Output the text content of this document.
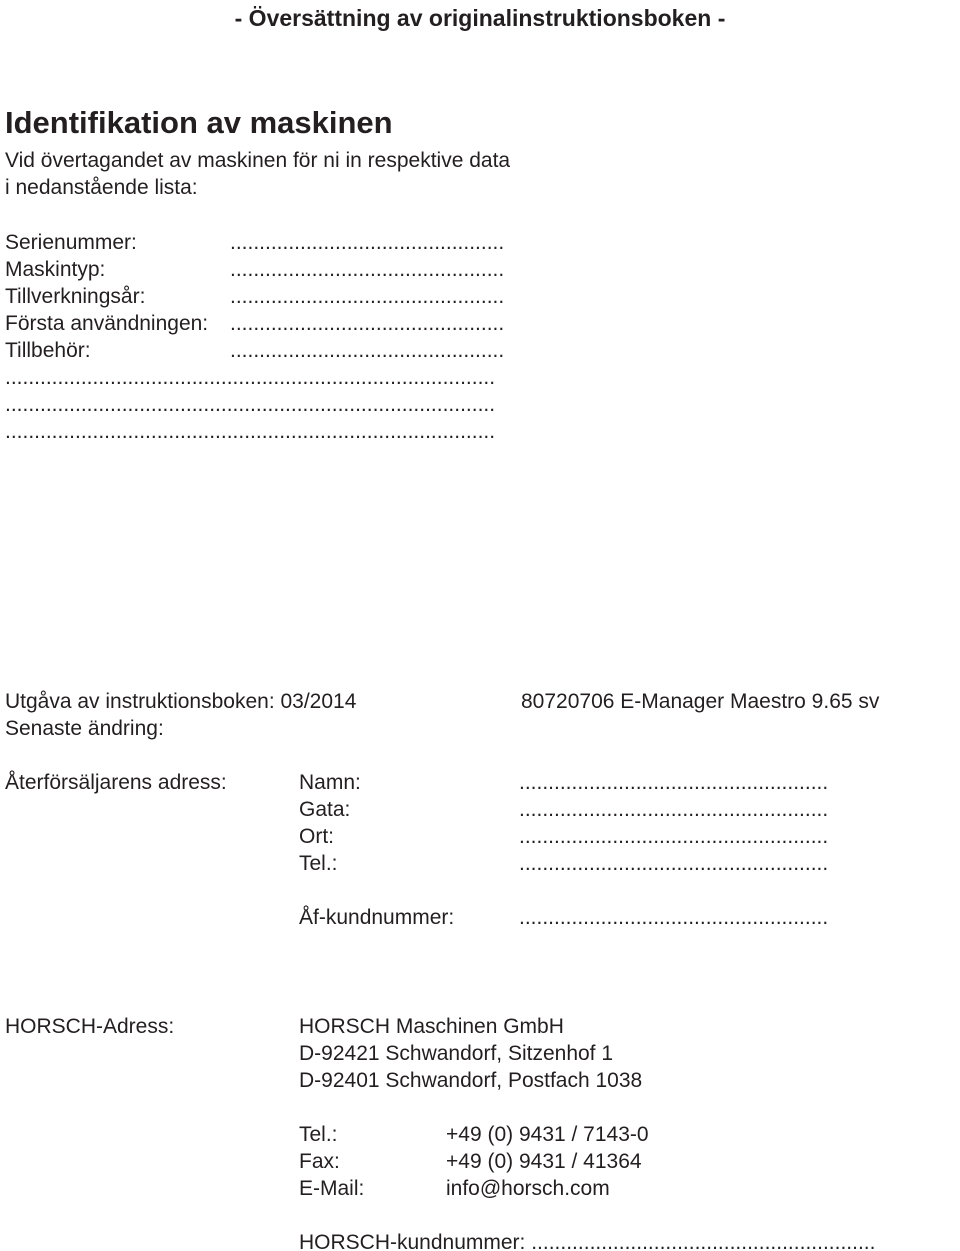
- Översättning av originalinstruktionsboken -
Identifikation av maskinen
Vid övertagandet av maskinen för ni in respektive data
i nedanstående lista:
Serienummer:	...............................................
Maskintyp:	...............................................
Tillverkningsår:	...............................................
Första användningen: ...............................................
Tillbehör:	...............................................
....................................................................................
....................................................................................
....................................................................................
Utgåva av instruktionsboken: 03/2014	80720706 E-Manager Maestro 9.65 sv
Senaste ändring:
Återförsäljarens adress:	Namn:	.....................................................
Gata:	.....................................................
Ort:	.....................................................
Tel.:	.....................................................
Åf-kundnummer:	.....................................................
HORSCH-Adress:	HORSCH Maschinen GmbH
D-92421 Schwandorf, Sitzenhof 1
D-92401 Schwandorf, Postfach 1038
Tel.:	+49 (0) 9431 / 7143-0
Fax:	+49 (0) 9431 / 41364
E-Mail:	info@horsch.com
HORSCH-kundnummer: ...........................................................
